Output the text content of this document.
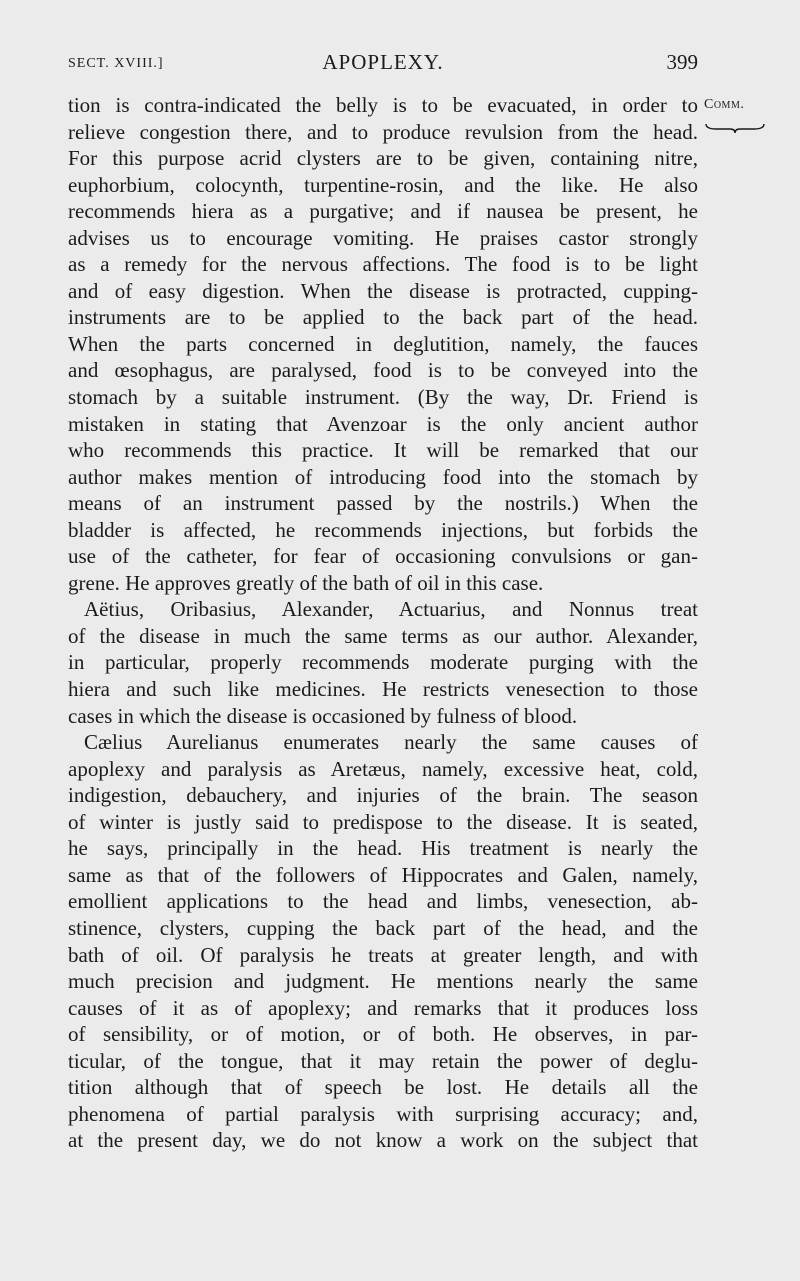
SECT. XVIII.]	APOPLEXY.	399
Comm.
tion is contra-indicated the belly is to be evacuated, in order to
relieve congestion there, and to produce revulsion from the head.
For this purpose acrid clysters are to be given, containing nitre,
euphorbium, colocynth, turpentine-rosin, and the like. He also
recommends hiera as a purgative; and if nausea be present, he
advises us to encourage vomiting. He praises castor strongly
as a remedy for the nervous affections. The food is to be light
and of easy digestion. When the disease is protracted, cupping-
instruments are to be applied to the back part of the head.
When the parts concerned in deglutition, namely, the fauces
and œsophagus, are paralysed, food is to be conveyed into the
stomach by a suitable instrument. (By the way, Dr. Friend is
mistaken in stating that Avenzoar is the only ancient author
who recommends this practice. It will be remarked that our
author makes mention of introducing food into the stomach by
means of an instrument passed by the nostrils.) When the
bladder is affected, he recommends injections, but forbids the
use of the catheter, for fear of occasioning convulsions or gan-
grene. He approves greatly of the bath of oil in this case.
Aëtius, Oribasius, Alexander, Actuarius, and Nonnus treat
of the disease in much the same terms as our author. Alexander,
in particular, properly recommends moderate purging with the
hiera and such like medicines. He restricts venesection to those
cases in which the disease is occasioned by fulness of blood.
Cælius Aurelianus enumerates nearly the same causes of
apoplexy and paralysis as Aretæus, namely, excessive heat, cold,
indigestion, debauchery, and injuries of the brain. The season
of winter is justly said to predispose to the disease. It is seated,
he says, principally in the head. His treatment is nearly the
same as that of the followers of Hippocrates and Galen, namely,
emollient applications to the head and limbs, venesection, ab-
stinence, clysters, cupping the back part of the head, and the
bath of oil. Of paralysis he treats at greater length, and with
much precision and judgment. He mentions nearly the same
causes of it as of apoplexy; and remarks that it produces loss
of sensibility, or of motion, or of both. He observes, in par-
ticular, of the tongue, that it may retain the power of deglu-
tition although that of speech be lost. He details all the
phenomena of partial paralysis with surprising accuracy; and,
at the present day, we do not know a work on the subject that
